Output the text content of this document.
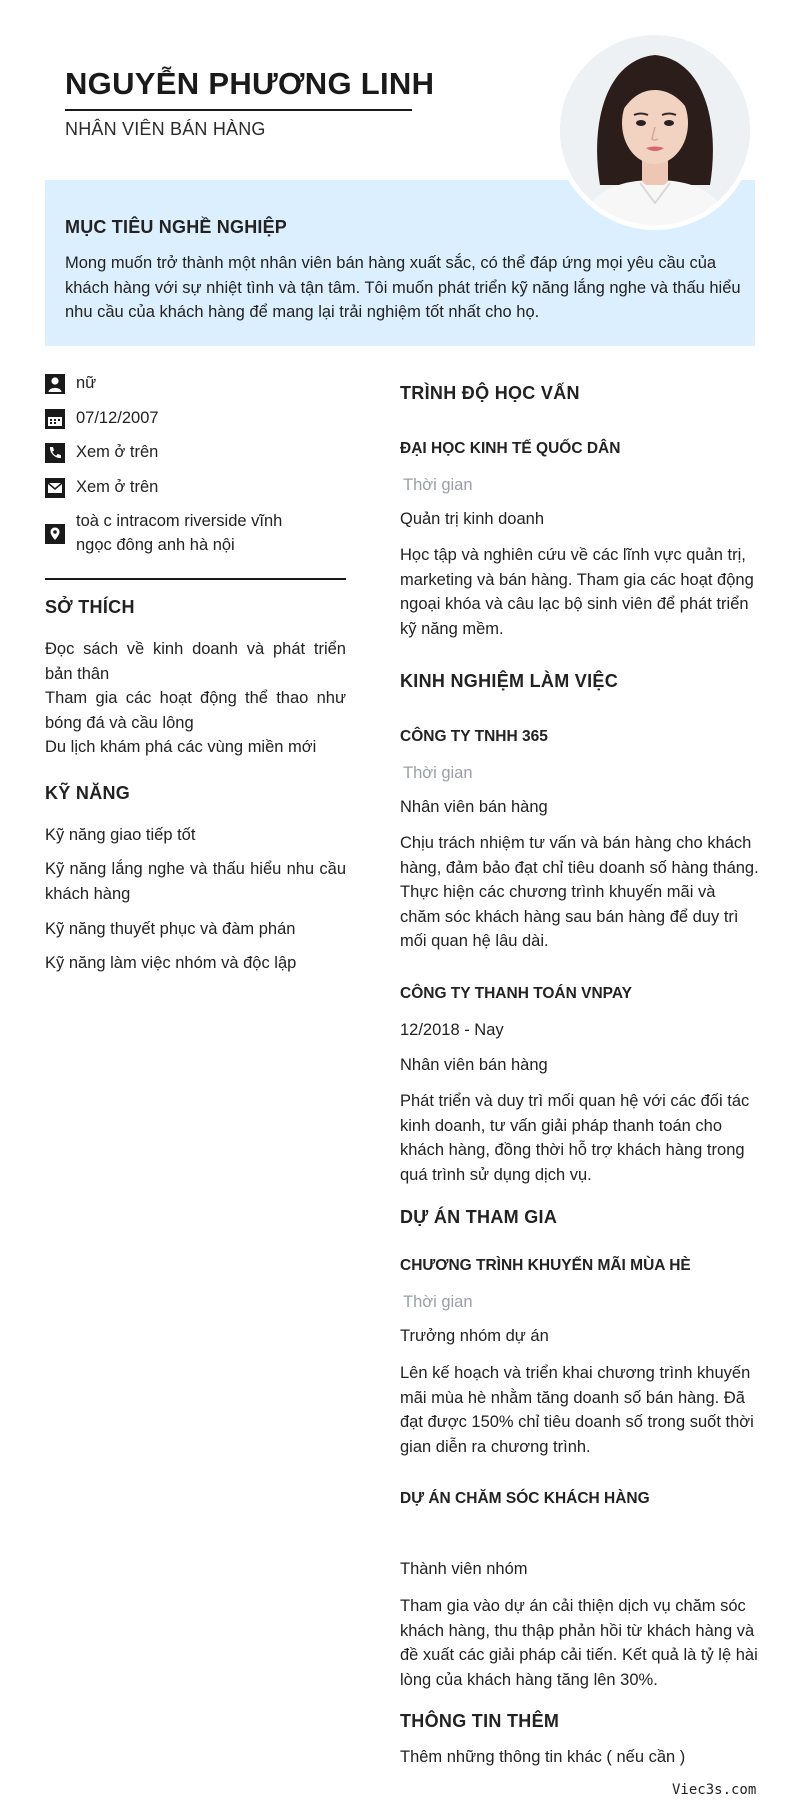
NGUYỄN PHƯƠNG LINH
NHÂN VIÊN BÁN HÀNG
MỤC TIÊU NGHỀ NGHIỆP
Mong muốn trở thành một nhân viên bán hàng xuất sắc, có thể đáp ứng mọi yêu cầu của khách hàng với sự nhiệt tình và tận tâm. Tôi muốn phát triển kỹ năng lắng nghe và thấu hiểu nhu cầu của khách hàng để mang lại trải nghiệm tốt nhất cho họ.
nữ
07/12/2007
Xem ở trên
Xem ở trên
toà c intracom riverside vĩnh
ngọc đông anh hà nội
SỞ THÍCH
Đọc sách về kinh doanh và phát triển bản thân
Tham gia các hoạt động thể thao như bóng đá và cầu lông
Du lịch khám phá các vùng miền mới
KỸ NĂNG
Kỹ năng giao tiếp tốt
Kỹ năng lắng nghe và thấu hiểu nhu cầu khách hàng
Kỹ năng thuyết phục và đàm phán
Kỹ năng làm việc nhóm và độc lập
TRÌNH ĐỘ HỌC VẤN
ĐẠI HỌC KINH TẾ QUỐC DÂN
Thời gian
Quản trị kinh doanh
Học tập và nghiên cứu về các lĩnh vực quản trị, marketing và bán hàng. Tham gia các hoạt động ngoại khóa và câu lạc bộ sinh viên để phát triển kỹ năng mềm.
KINH NGHIỆM LÀM VIỆC
CÔNG TY TNHH 365
Thời gian
Nhân viên bán hàng
Chịu trách nhiệm tư vấn và bán hàng cho khách hàng, đảm bảo đạt chỉ tiêu doanh số hàng tháng. Thực hiện các chương trình khuyến mãi và chăm sóc khách hàng sau bán hàng để duy trì mối quan hệ lâu dài.
CÔNG TY THANH TOÁN VNPAY
12/2018 - Nay
Nhân viên bán hàng
Phát triển và duy trì mối quan hệ với các đối tác kinh doanh, tư vấn giải pháp thanh toán cho khách hàng, đồng thời hỗ trợ khách hàng trong quá trình sử dụng dịch vụ.
DỰ ÁN THAM GIA
CHƯƠNG TRÌNH KHUYẾN MÃI MÙA HÈ
Thời gian
Trưởng nhóm dự án
Lên kế hoạch và triển khai chương trình khuyến mãi mùa hè nhằm tăng doanh số bán hàng. Đã đạt được 150% chỉ tiêu doanh số trong suốt thời gian diễn ra chương trình.
DỰ ÁN CHĂM SÓC KHÁCH HÀNG
Thành viên nhóm
Tham gia vào dự án cải thiện dịch vụ chăm sóc khách hàng, thu thập phản hồi từ khách hàng và đề xuất các giải pháp cải tiến. Kết quả là tỷ lệ hài lòng của khách hàng tăng lên 30%.
THÔNG TIN THÊM
Thêm những thông tin khác ( nếu cần )
Viec3s.com
